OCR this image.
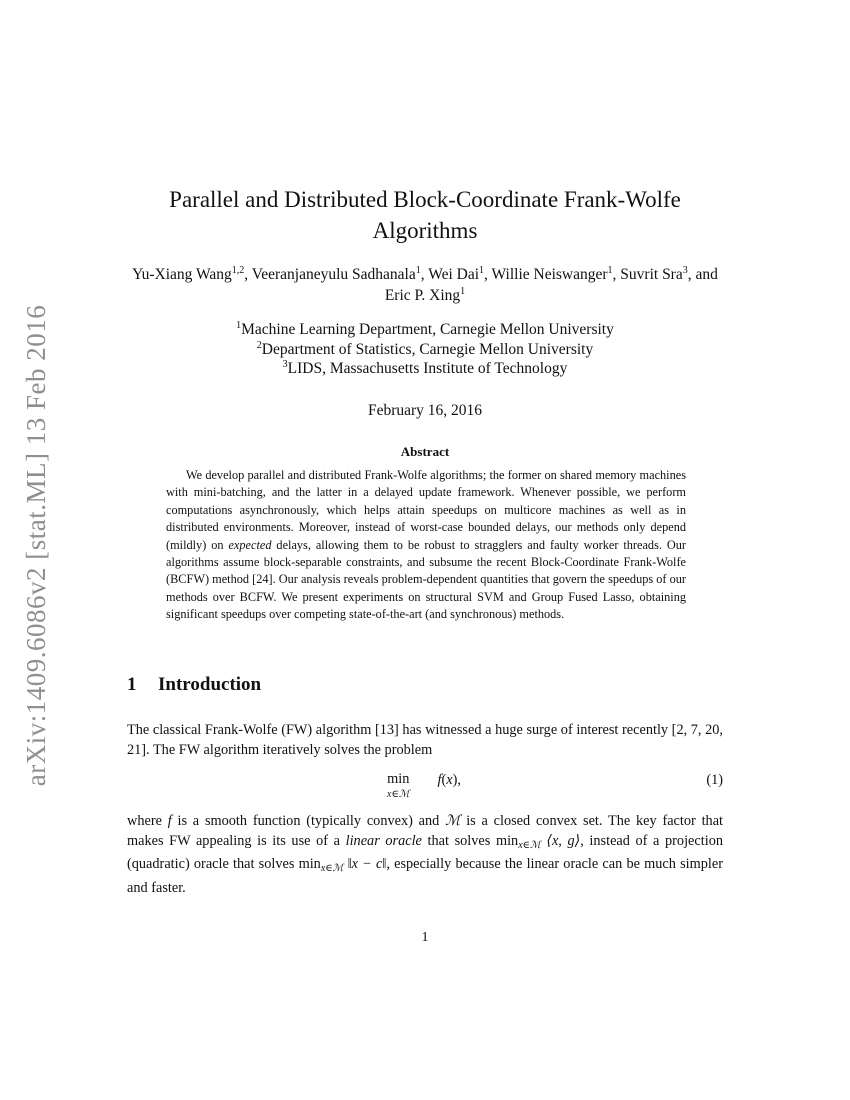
arXiv:1409.6086v2 [stat.ML] 13 Feb 2016
Parallel and Distributed Block-Coordinate Frank-Wolfe
Algorithms
Yu-Xiang Wang$^{1,2}$, Veeranjaneyulu Sadhanala$^1$, Wei Dai$^1$, Willie Neiswanger$^1$, Suvrit Sra$^3$, and Eric P. Xing$^1$
$^1$Machine Learning Department, Carnegie Mellon University
$^2$Department of Statistics, Carnegie Mellon University
$^3$LIDS, Massachusetts Institute of Technology
February 16, 2016
Abstract

We develop parallel and distributed Frank-Wolfe algorithms; the former on shared memory machines with mini-batching, and the latter in a delayed update framework. Whenever possible, we perform computations asynchronously, which helps attain speedups on multicore machines as well as in distributed environments. Moreover, instead of worst-case bounded delays, our methods only depend (mildly) on expected delays, allowing them to be robust to stragglers and faulty worker threads. Our algorithms assume block-separable constraints, and subsume the recent Block-Coordinate Frank-Wolfe (BCFW) method [24]. Our analysis reveals problem-dependent quantities that govern the speedups of our methods over BCFW. We present experiments on structural SVM and Group Fused Lasso, obtaining significant speedups over competing state-of-the-art (and synchronous) methods.

1 Introduction

The classical Frank-Wolfe (FW) algorithm [13] has witnessed a huge surge of interest recently [2, 7, 20, 21]. The FW algorithm iteratively solves the problem

min
x∈ℳ
f(x),	(1)

where f is a smooth function (typically convex) and ℳ is a closed convex set. The key factor that makes FW appealing is its use of a linear oracle that solves $\min_{x\in ℳ}$ ⟨x, g⟩, instead of a projection (quadratic) oracle that solves $\min_{x\in ℳ}$ ‖x − c‖, especially because the linear oracle can be much simpler and faster.

1
